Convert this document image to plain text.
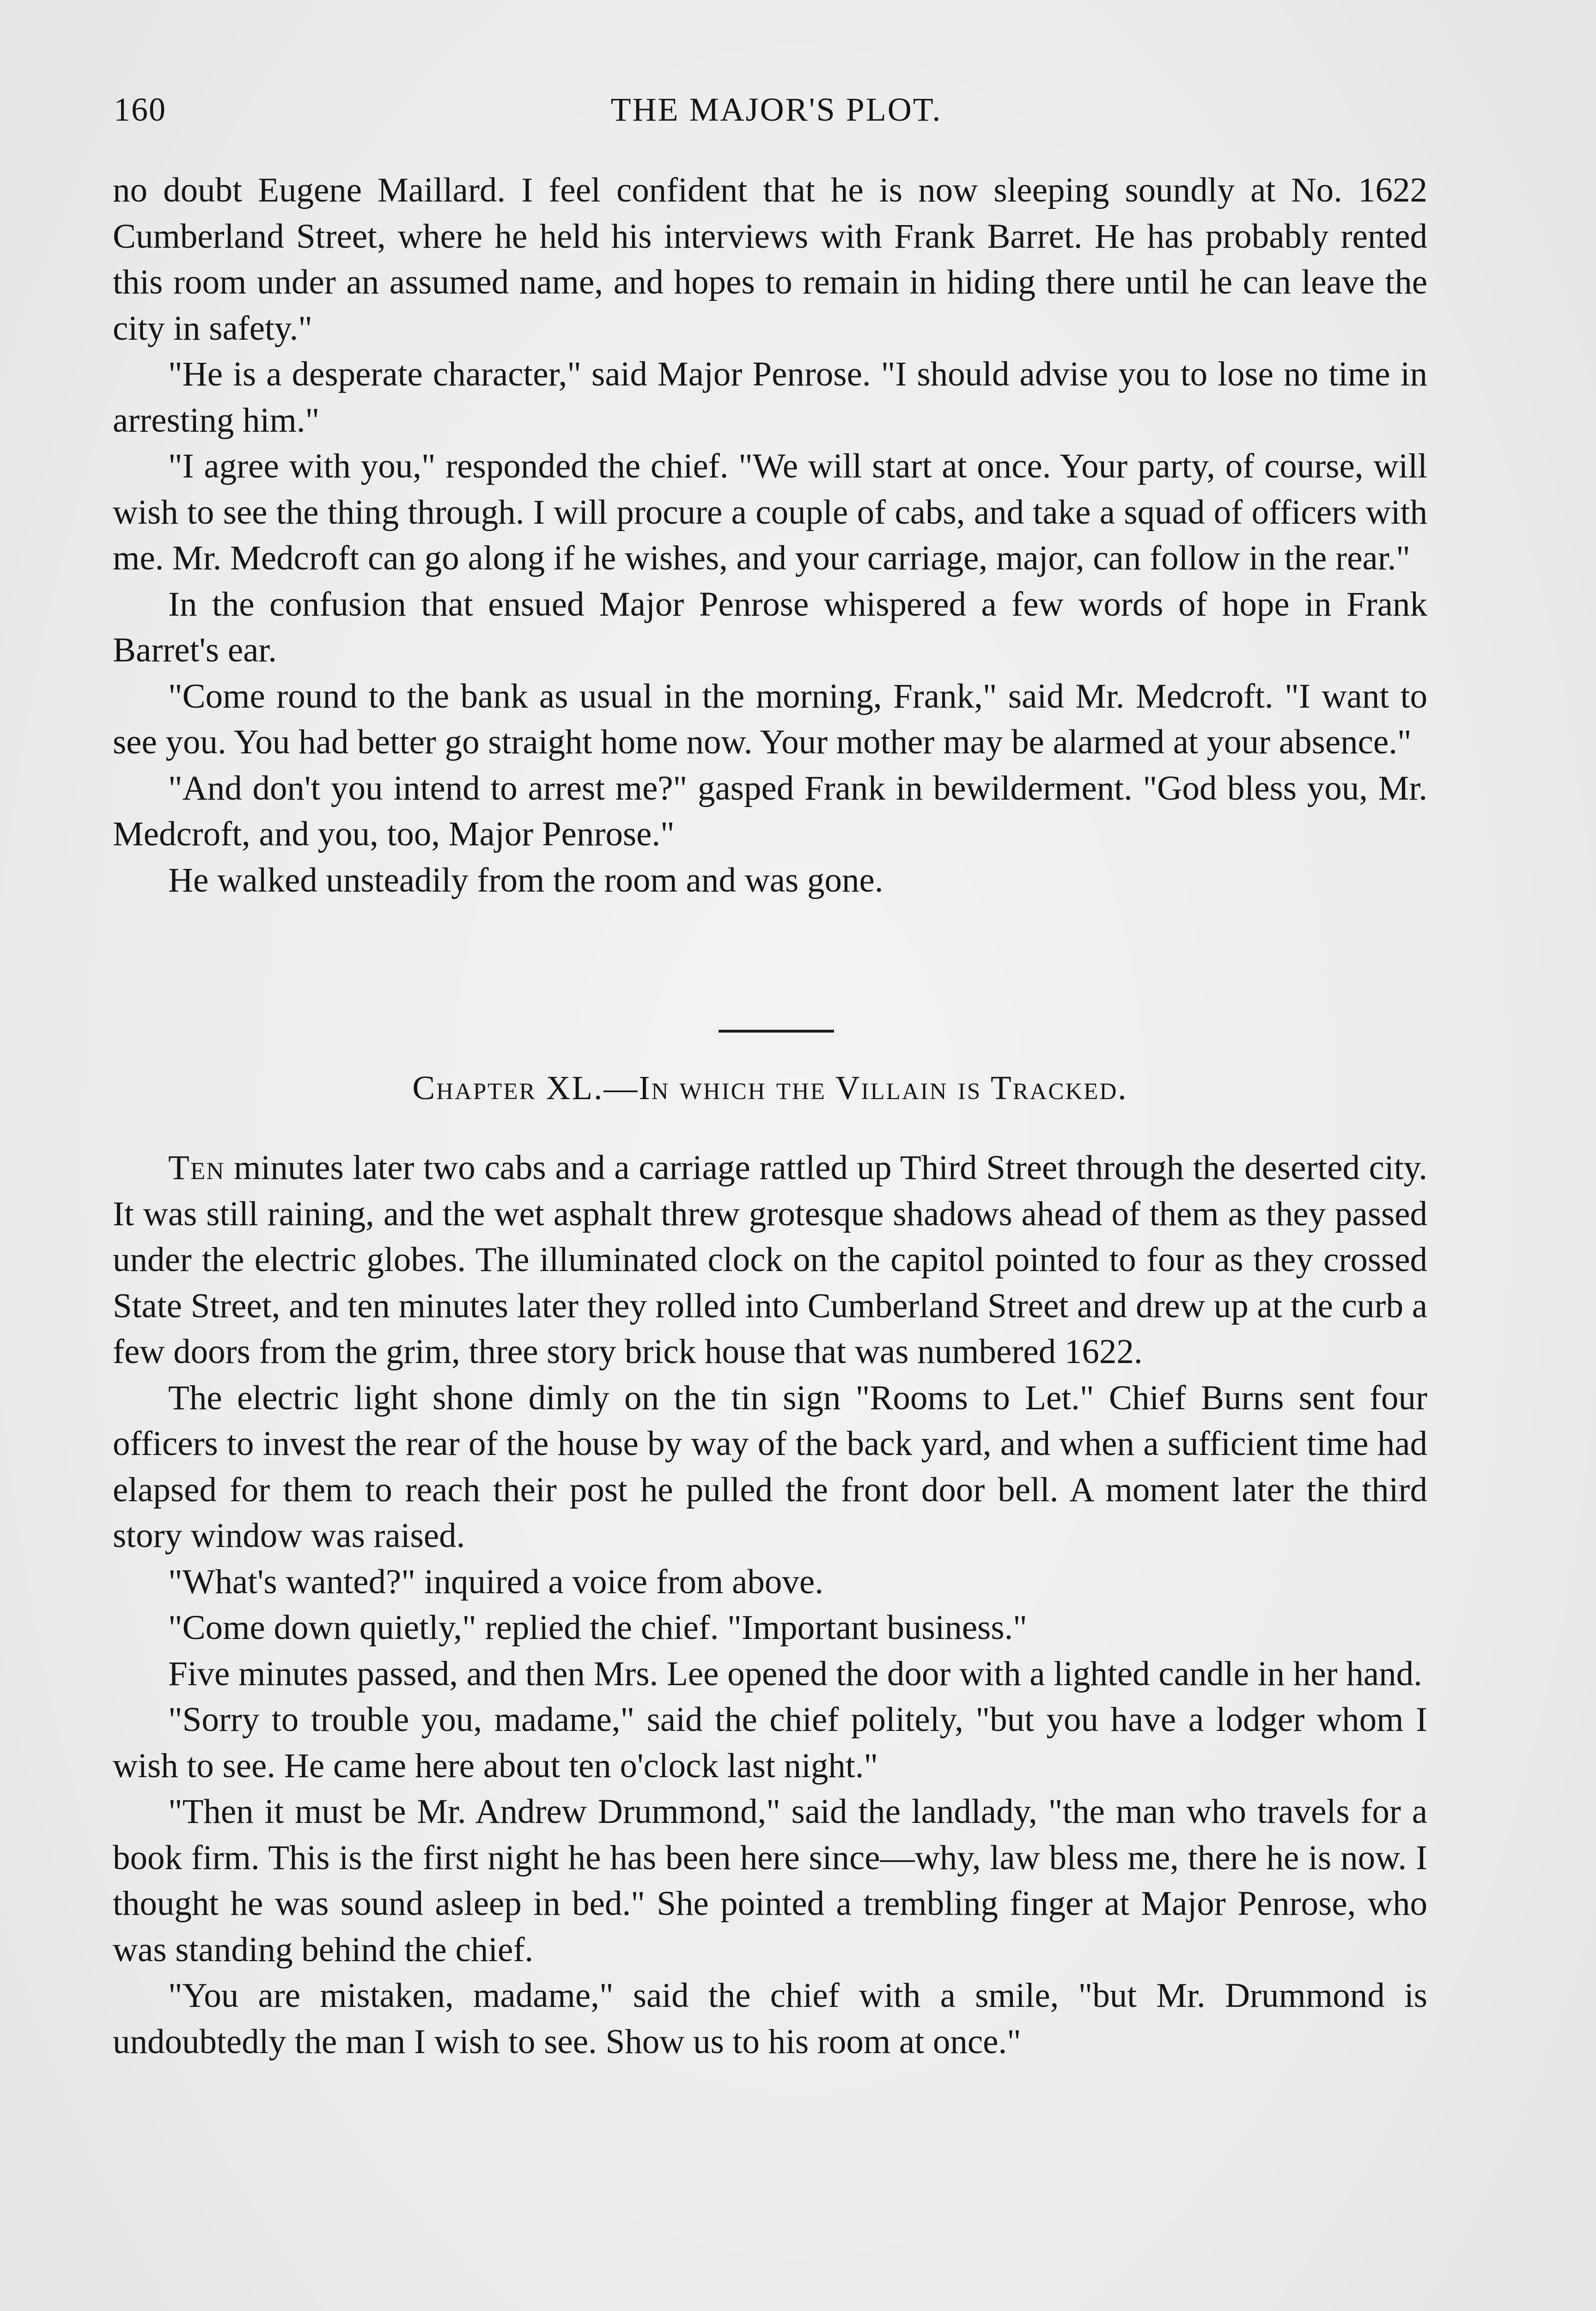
160	THE MAJOR'S PLOT.

no doubt Eugene Maillard. I feel confident that he is now sleeping soundly at No. 1622 Cumberland Street, where he held his interviews with Frank Barret. He has probably rented this room under an assumed name, and hopes to remain in hiding there until he can leave the city in safety."

"He is a desperate character," said Major Penrose. "I should advise you to lose no time in arresting him."

"I agree with you," responded the chief. "We will start at once. Your party, of course, will wish to see the thing through. I will procure a couple of cabs, and take a squad of officers with me. Mr. Medcroft can go along if he wishes, and your carriage, major, can follow in the rear."

In the confusion that ensued Major Penrose whispered a few words of hope in Frank Barret's ear.

"Come round to the bank as usual in the morning, Frank," said Mr. Medcroft. "I want to see you. You had better go straight home now. Your mother may be alarmed at your absence."

"And don't you intend to arrest me?" gasped Frank in bewilderment. "God bless you, Mr. Medcroft, and you, too, Major Penrose."

He walked unsteadily from the room and was gone.

Chapter XL.—In which the Villain is Tracked.

Ten minutes later two cabs and a carriage rattled up Third Street through the deserted city. It was still raining, and the wet asphalt threw grotesque shadows ahead of them as they passed under the electric globes. The illuminated clock on the capitol pointed to four as they crossed State Street, and ten minutes later they rolled into Cumberland Street and drew up at the curb a few doors from the grim, three story brick house that was numbered 1622.

The electric light shone dimly on the tin sign "Rooms to Let." Chief Burns sent four officers to invest the rear of the house by way of the back yard, and when a sufficient time had elapsed for them to reach their post he pulled the front door bell. A moment later the third story window was raised.

"What's wanted?" inquired a voice from above.

"Come down quietly," replied the chief. "Important business."

Five minutes passed, and then Mrs. Lee opened the door with a lighted candle in her hand.

"Sorry to trouble you, madame," said the chief politely, "but you have a lodger whom I wish to see. He came here about ten o'clock last night."

"Then it must be Mr. Andrew Drummond," said the landlady, "the man who travels for a book firm. This is the first night he has been here since—why, law bless me, there he is now. I thought he was sound asleep in bed." She pointed a trembling finger at Major Penrose, who was standing behind the chief.

"You are mistaken, madame," said the chief with a smile, "but Mr. Drummond is undoubtedly the man I wish to see. Show us to his room at once."
